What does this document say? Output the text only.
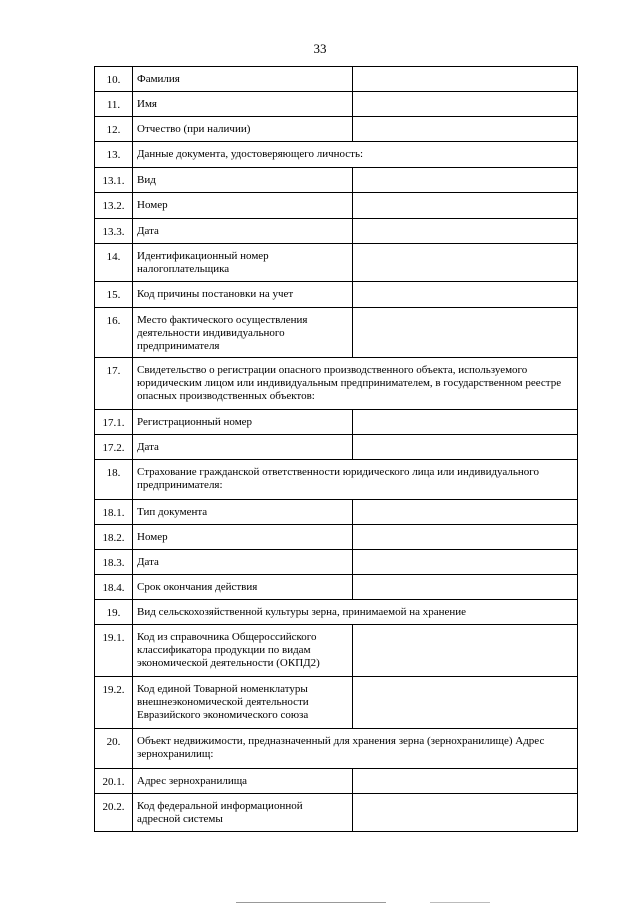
33
10.	Фамилия	
11.	Имя	
12.	Отчество (при наличии)	
13.	Данные документа, удостоверяющего личность:	
13.1.	Вид	
13.2.	Номер	
13.3.	Дата	
14.	Идентификационный номер налогоплательщика	
15.	Код причины постановки на учет	
16.	Место фактического осуществления деятельности индивидуального предпринимателя	
17.	Свидетельство о регистрации опасного производственного объекта, используемого юридическим лицом или индивидуальным предпринимателем, в государственном реестре опасных производственных объектов:	
17.1.	Регистрационный номер	
17.2.	Дата	
18.	Страхование гражданской ответственности юридического лица или индивидуального предпринимателя:	
18.1.	Тип документа	
18.2.	Номер	
18.3.	Дата	
18.4.	Срок окончания действия	
19.	Вид сельскохозяйственной культуры зерна, принимаемой на хранение	
19.1.	Код из справочника Общероссийского классификатора продукции по видам экономической деятельности (ОКПД2)	
19.2.	Код единой Товарной номенклатуры внешнеэкономической деятельности Евразийского экономического союза	
20.	Объект недвижимости, предназначенный для хранения зерна (зернохранилище) Адрес зернохранилищ:	
20.1.	Адрес зернохранилища	
20.2.	Код федеральной информационной адресной системы	
